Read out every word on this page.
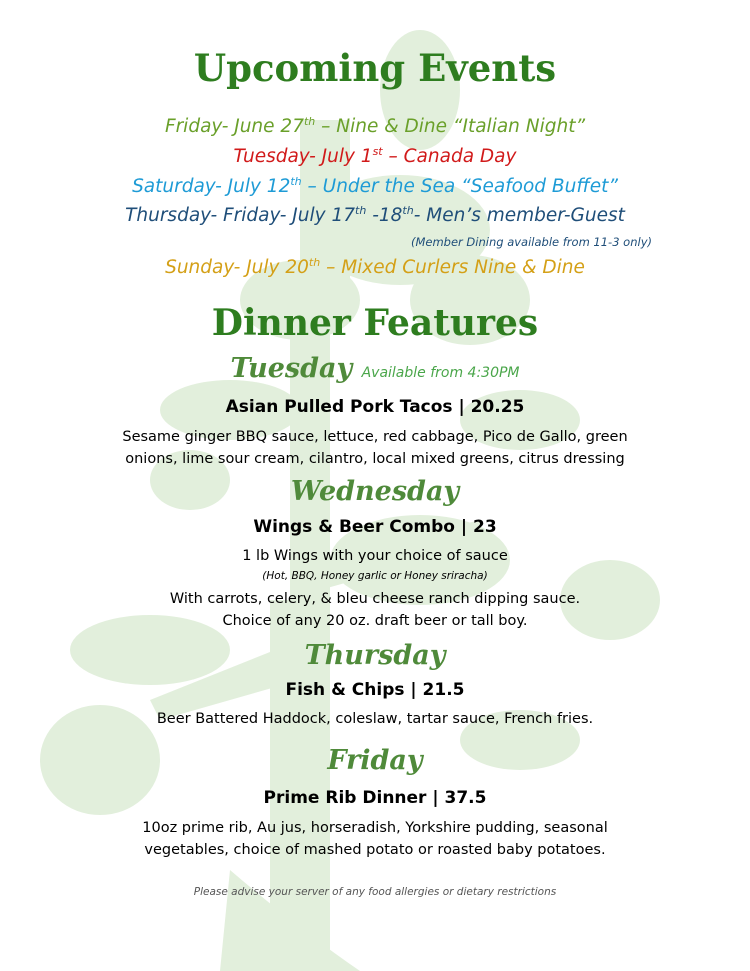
Upcoming Events
Friday- June 27th – Nine & Dine “Italian Night”
Tuesday- July 1st – Canada Day
Saturday- July 12th – Under the Sea “Seafood Buffet”
Thursday- Friday- July 17th -18th- Men’s member-Guest
(Member Dining available from 11-3 only)
Sunday- July 20th – Mixed Curlers Nine & Dine
Dinner Features
Tuesday Available from 4:30PM
Asian Pulled Pork Tacos | 20.25
Sesame ginger BBQ sauce, lettuce, red cabbage, Pico de Gallo, green
onions, lime sour cream, cilantro, local mixed greens, citrus dressing
Wednesday
Wings & Beer Combo | 23
1 lb Wings with your choice of sauce
(Hot, BBQ, Honey garlic or Honey sriracha)
With carrots, celery, & bleu cheese ranch dipping sauce.
Choice of any 20 oz. draft beer or tall boy.
Thursday
Fish & Chips | 21.5
Beer Battered Haddock, coleslaw, tartar sauce, French fries.
Friday
Prime Rib Dinner | 37.5
10oz prime rib, Au jus, horseradish, Yorkshire pudding, seasonal
vegetables, choice of mashed potato or roasted baby potatoes.
Please advise your server of any food allergies or dietary restrictions
